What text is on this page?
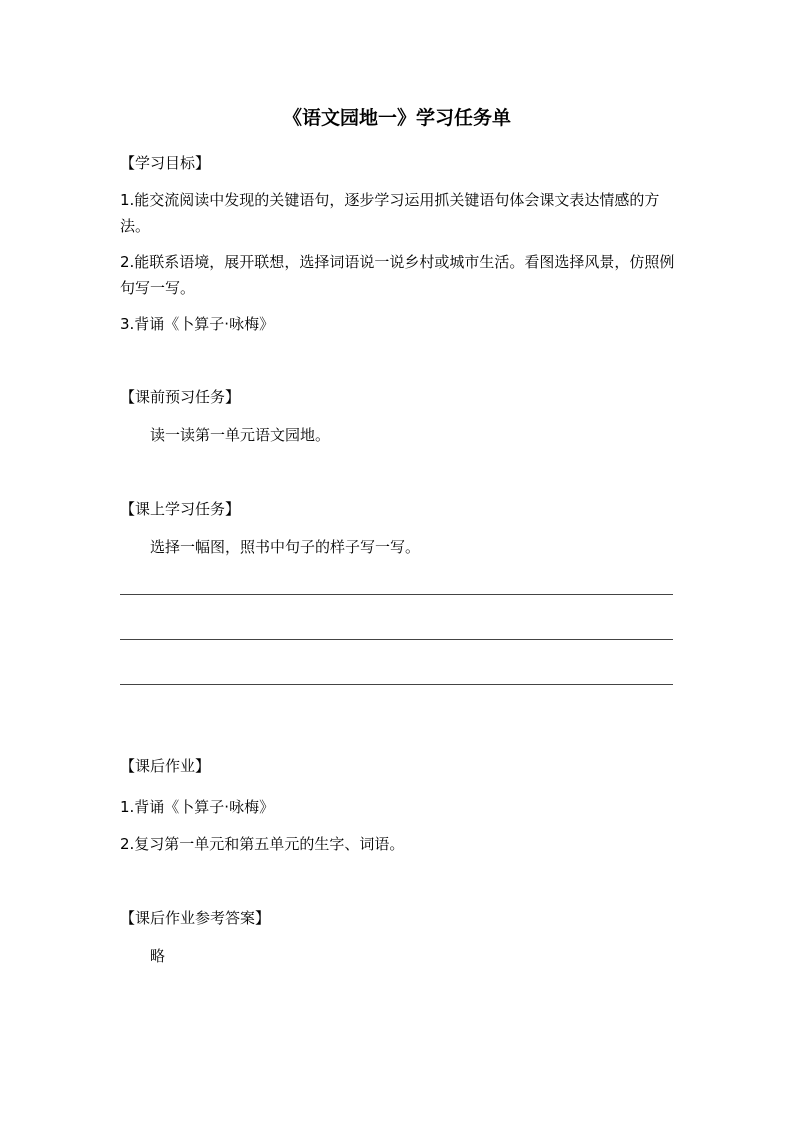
《语文园地一》学习任务单
【学习目标】
1.能交流阅读中发现的关键语句，逐步学习运用抓关键语句体会课文表达情感的方法。
2.能联系语境，展开联想，选择词语说一说乡村或城市生活。看图选择风景，仿照例句写一写。
3.背诵《卜算子·咏梅》
【课前预习任务】
读一读第一单元语文园地。
【课上学习任务】
选择一幅图，照书中句子的样子写一写。
【课后作业】
1.背诵《卜算子·咏梅》
2.复习第一单元和第五单元的生字、词语。
【课后作业参考答案】
略
